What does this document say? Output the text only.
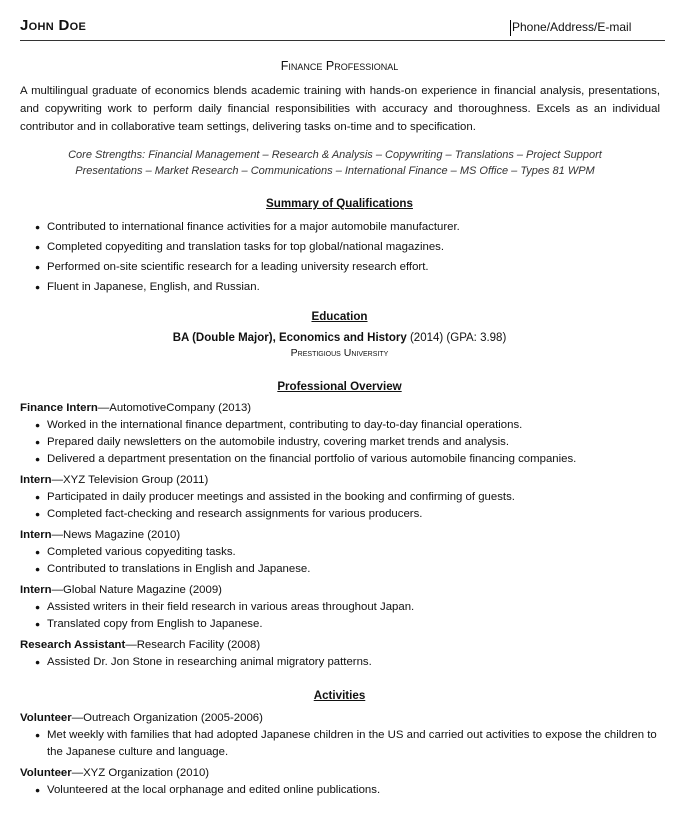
John Doe	Phone/Address/E-mail
Finance Professional
A multilingual graduate of economics blends academic training with hands-on experience in financial analysis, presentations, and copywriting work to perform daily financial responsibilities with accuracy and thoroughness. Excels as an individual contributor and in collaborative team settings, delivering tasks on-time and to specification.
Core Strengths: Financial Management – Research & Analysis – Copywriting – Translations – Project Support
Presentations – Market Research – Communications – International Finance – MS Office – Types 81 WPM
Summary of Qualifications
● Contributed to international finance activities for a major automobile manufacturer.
● Completed copyediting and translation tasks for top global/national magazines.
● Performed on-site scientific research for a leading university research effort.
● Fluent in Japanese, English, and Russian.
Education
BA (Double Major), Economics and History (2014) (GPA: 3.98)
Prestigious University
Professional Overview
Finance Intern—AutomotiveCompany (2013)
● Worked in the international finance department, contributing to day-to-day financial operations.
● Prepared daily newsletters on the automobile industry, covering market trends and analysis.
● Delivered a department presentation on the financial portfolio of various automobile financing companies.
Intern—XYZ Television Group (2011)
● Participated in daily producer meetings and assisted in the booking and confirming of guests.
● Completed fact-checking and research assignments for various producers.
Intern—News Magazine (2010)
● Completed various copyediting tasks.
● Contributed to translations in English and Japanese.
Intern—Global Nature Magazine (2009)
● Assisted writers in their field research in various areas throughout Japan.
● Translated copy from English to Japanese.
Research Assistant—Research Facility (2008)
● Assisted Dr. Jon Stone in researching animal migratory patterns.
Activities
Volunteer—Outreach Organization (2005-2006)
● Met weekly with families that had adopted Japanese children in the US and carried out activities to expose the children to the Japanese culture and language.
Volunteer—XYZ Organization (2010)
● Volunteered at the local orphanage and edited online publications.
